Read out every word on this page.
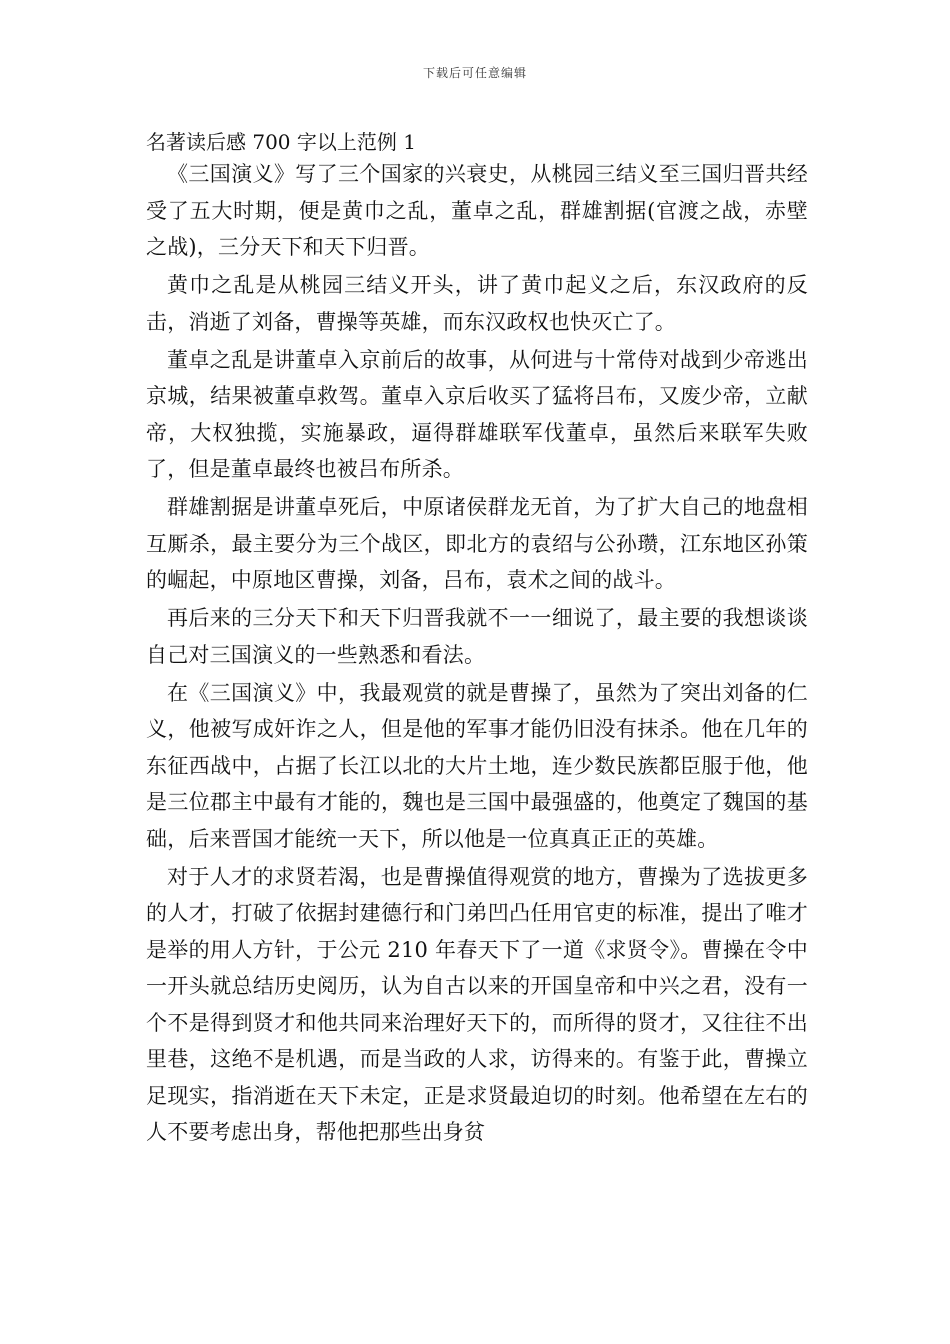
下载后可任意编辑
名著读后感 700 字以上范例 1

《三国演义》写了三个国家的兴衰史，从桃园三结义至三国归晋共经受了五大时期，便是黄巾之乱，董卓之乱，群雄割据(官渡之战，赤壁之战)，三分天下和天下归晋。

黄巾之乱是从桃园三结义开头，讲了黄巾起义之后，东汉政府的反击，消逝了刘备，曹操等英雄，而东汉政权也快灭亡了。

董卓之乱是讲董卓入京前后的故事，从何进与十常侍对战到少帝逃出京城，结果被董卓救驾。董卓入京后收买了猛将吕布，又废少帝，立献帝，大权独揽，实施暴政，逼得群雄联军伐董卓，虽然后来联军失败了，但是董卓最终也被吕布所杀。

群雄割据是讲董卓死后，中原诸侯群龙无首，为了扩大自己的地盘相互厮杀，最主要分为三个战区，即北方的袁绍与公孙瓒，江东地区孙策的崛起，中原地区曹操，刘备，吕布，袁术之间的战斗。

再后来的三分天下和天下归晋我就不一一细说了，最主要的我想谈谈自己对三国演义的一些熟悉和看法。

在《三国演义》中，我最观赏的就是曹操了，虽然为了突出刘备的仁义，他被写成奸诈之人，但是他的军事才能仍旧没有抹杀。他在几年的东征西战中，占据了长江以北的大片土地，连少数民族都臣服于他，他是三位郡主中最有才能的，魏也是三国中最强盛的，他奠定了魏国的基础，后来晋国才能统一天下，所以他是一位真真正正的英雄。

对于人才的求贤若渴，也是曹操值得观赏的地方，曹操为了选拔更多的人才，打破了依据封建德行和门弟凹凸任用官吏的标准，提出了唯才是举的用人方针，于公元 210 年春天下了一道《求贤令》。曹操在令中一开头就总结历史阅历，认为自古以来的开国皇帝和中兴之君，没有一个不是得到贤才和他共同来治理好天下的，而所得的贤才，又往往不出里巷，这绝不是机遇，而是当政的人求，访得来的。有鉴于此，曹操立足现实，指消逝在天下未定，正是求贤最迫切的时刻。他希望在左右的人不要考虑出身，帮他把那些出身贫
